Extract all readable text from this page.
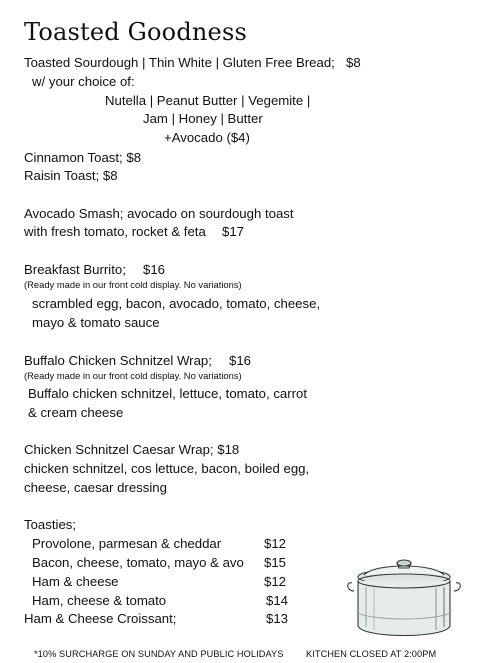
Toasted Goodness
Toasted Sourdough | Thin White | Gluten Free Bread; $8
w/ your choice of:
Nutella | Peanut Butter | Vegemite |
Jam | Honey | Butter
+Avocado ($4)
Cinnamon Toast; $8
Raisin Toast; $8
Avocado Smash; avocado on sourdough toast
with fresh tomato, rocket & feta $17
Breakfast Burrito; $16
(Ready made in our front cold display. No variations)
scrambled egg, bacon, avocado, tomato, cheese,
mayo & tomato sauce
Buffalo Chicken Schnitzel Wrap; $16
(Ready made in our front cold display. No variations)
Buffalo chicken schnitzel, lettuce, tomato, carrot
& cream cheese
Chicken Schnitzel Caesar Wrap; $18
chicken schnitzel, cos lettuce, bacon, boiled egg,
cheese, caesar dressing
Toasties;
Provolone, parmesan & cheddar	$12
Bacon, cheese, tomato, mayo & avo $15
Ham & cheese	$12
Ham, cheese & tomato	$14
Ham & Cheese Croissant;	$13
*10% SURCHARGE ON SUNDAY AND PUBLIC HOLIDAYS KITCHEN CLOSED AT 2:00PM
